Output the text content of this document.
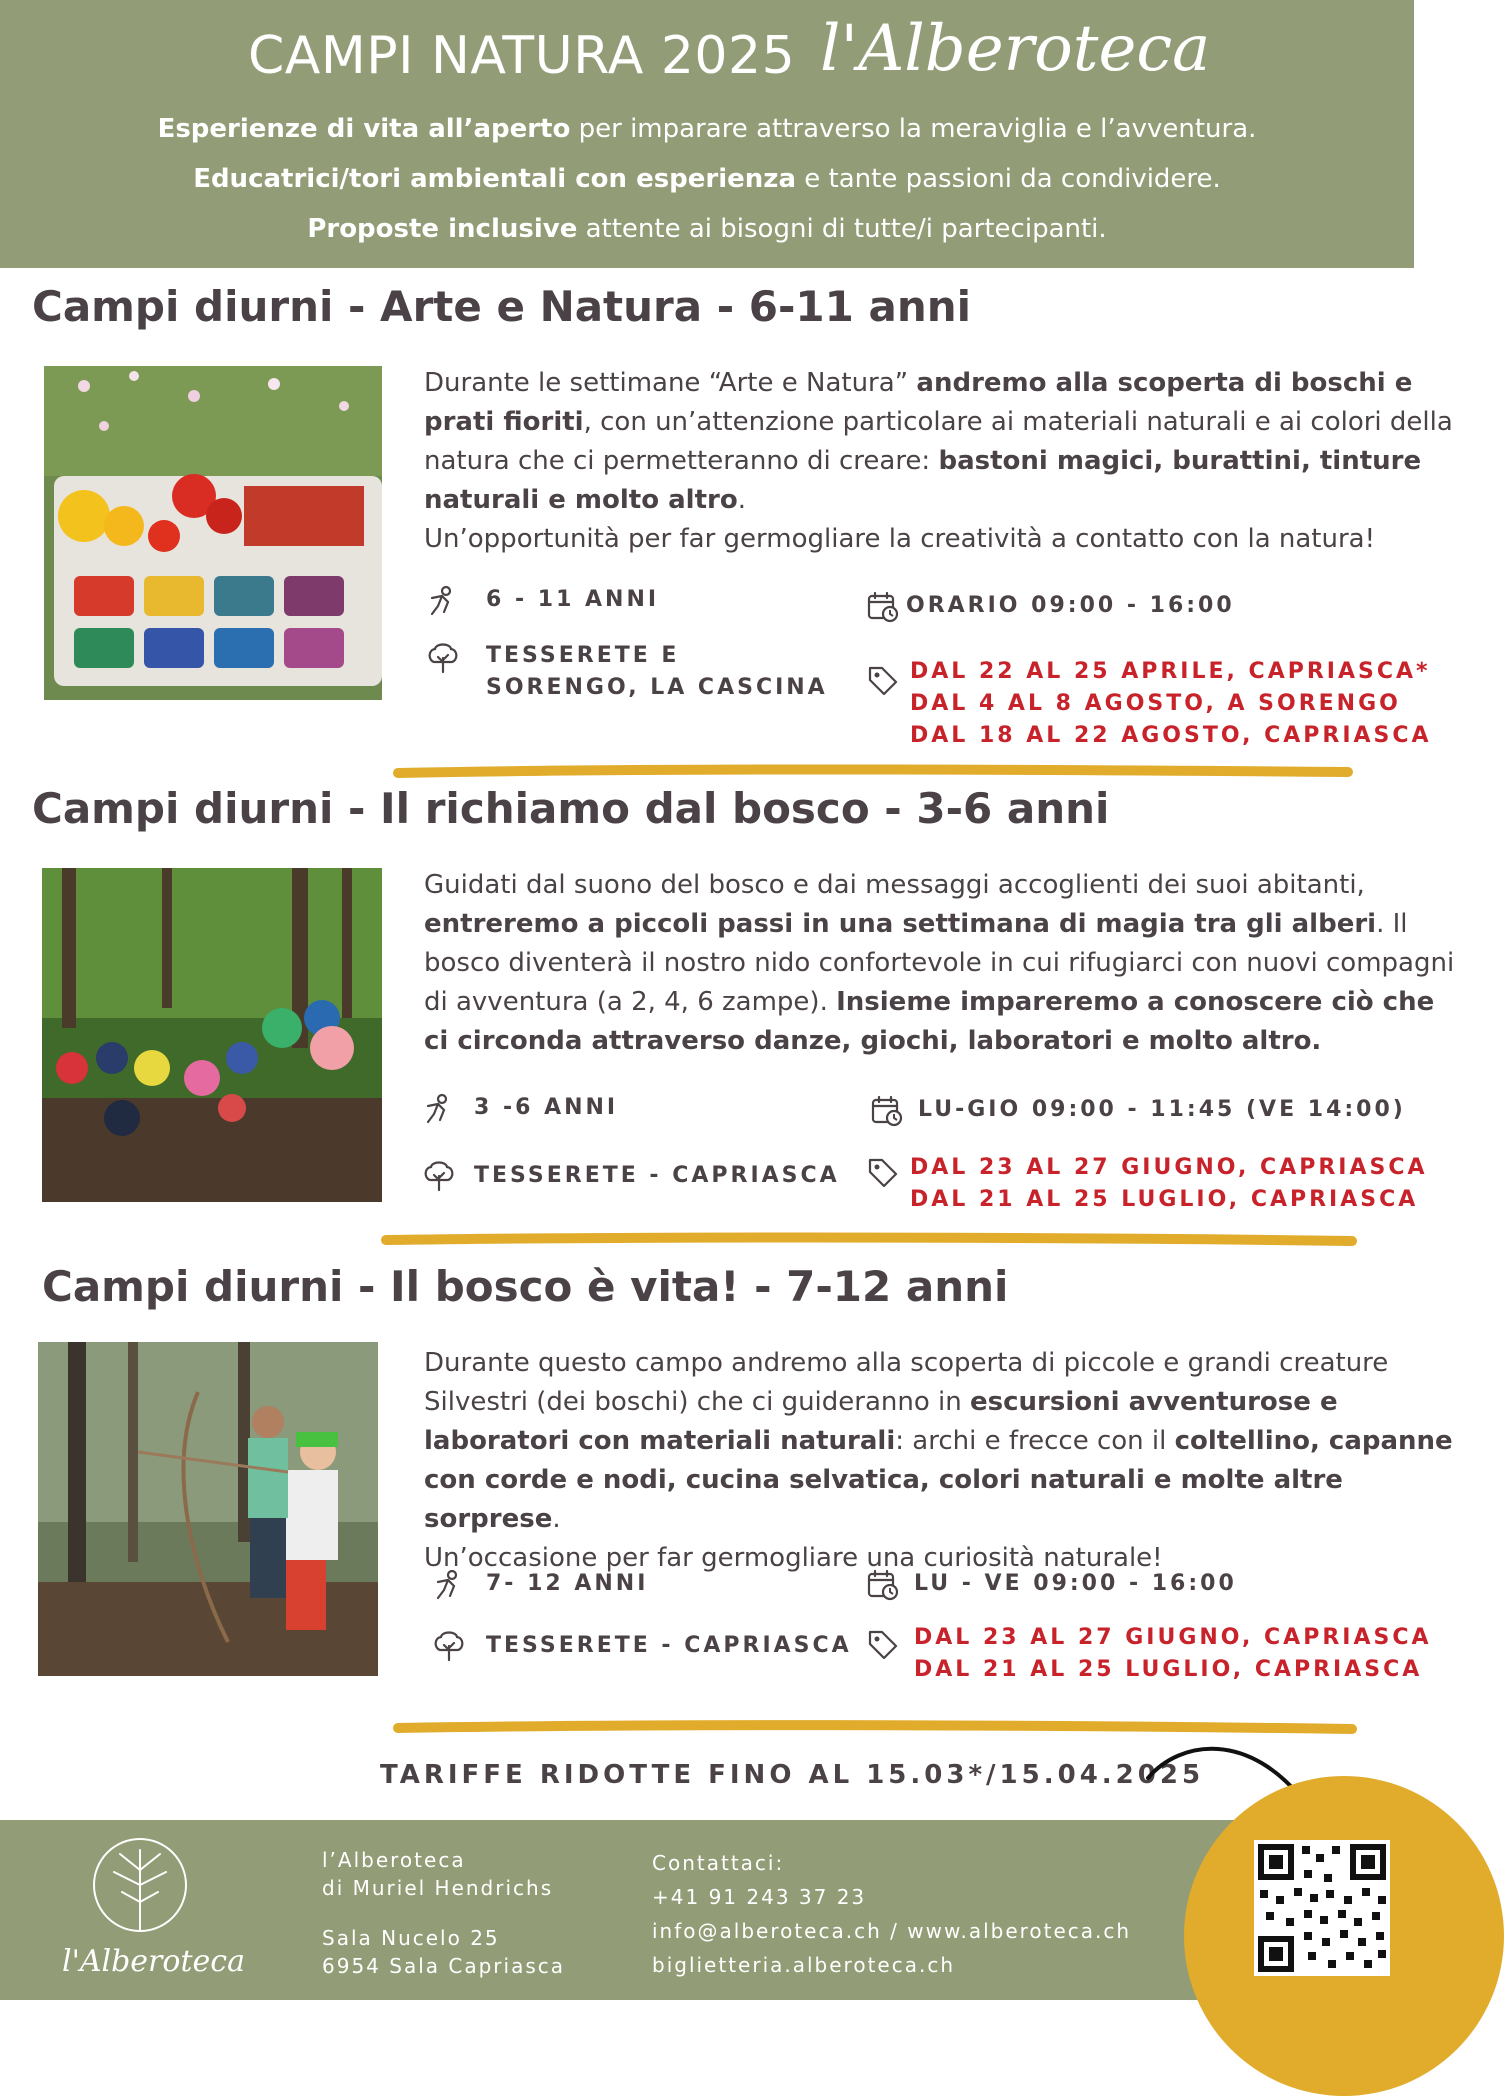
CAMPI NATURA 2025 l'Alberoteca
Esperienze di vita all’aperto per imparare attraverso la meraviglia e l’avventura.
Educatrici/tori ambientali con esperienza e tante passioni da condividere.
Proposte inclusive attente ai bisogni di tutte/i partecipanti.
Campi diurni - Arte e Natura - 6-11 anni
Durante le settimane “Arte e Natura” andremo alla scoperta di boschi e prati fioriti, con un’attenzione particolare ai materiali naturali e ai colori della natura che ci permetteranno di creare: bastoni magici, burattini, tinture naturali e molto altro.
Un’opportunità per far germogliare la creatività a contatto con la natura!
6 - 11 ANNI
TESSERETE E
SORENGO, LA CASCINA
ORARIO 09:00 - 16:00
DAL 22 AL 25 APRILE, CAPRIASCA*
DAL 4 AL 8 AGOSTO, A SORENGO
DAL 18 AL 22 AGOSTO, CAPRIASCA
Campi diurni - Il richiamo dal bosco - 3-6 anni
Guidati dal suono del bosco e dai messaggi accoglienti dei suoi abitanti, entreremo a piccoli passi in una settimana di magia tra gli alberi. Il bosco diventerà il nostro nido confortevole in cui rifugiarci con nuovi compagni di avventura (a 2, 4, 6 zampe). Insieme impareremo a conoscere ciò che ci circonda attraverso danze, giochi, laboratori e molto altro.
3 -6 ANNI
TESSERETE - CAPRIASCA
LU-GIO 09:00 - 11:45 (VE 14:00)
DAL 23 AL 27 GIUGNO, CAPRIASCA
DAL 21 AL 25 LUGLIO, CAPRIASCA
Campi diurni - Il bosco è vita! - 7-12 anni
Durante questo campo andremo alla scoperta di piccole e grandi creature Silvestri (dei boschi) che ci guideranno in escursioni avventurose e laboratori con materiali naturali: archi e frecce con il coltellino, capanne con corde e nodi, cucina selvatica, colori naturali e molte altre sorprese.
Un’occasione per far germogliare una curiosità naturale!
7- 12 ANNI
TESSERETE - CAPRIASCA
LU - VE 09:00 - 16:00
DAL 23 AL 27 GIUGNO, CAPRIASCA
DAL 21 AL 25 LUGLIO, CAPRIASCA
TARIFFE RIDOTTE FINO AL 15.03*/15.04.2025
l'Alberoteca
l’Alberoteca
di Muriel Hendrichs
Sala Nucelo 25
6954 Sala Capriasca
Contattaci:
+41 91 243 37 23
info@alberoteca.ch / www.alberoteca.ch
biglietteria.alberoteca.ch
